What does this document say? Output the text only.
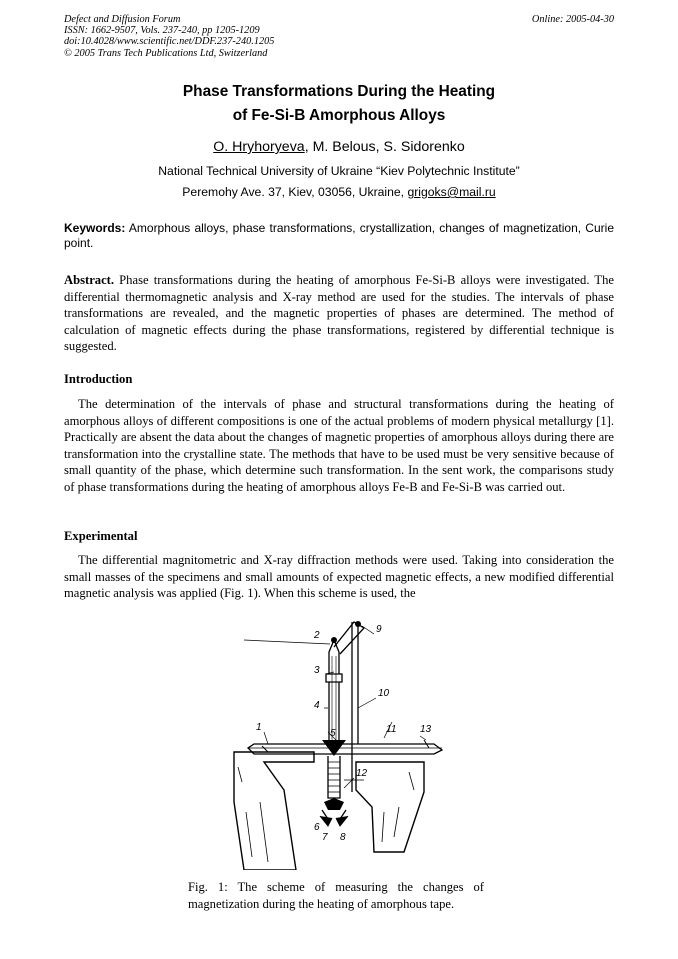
Defect and Diffusion Forum
ISSN: 1662-9507, Vols. 237-240, pp 1205-1209
doi:10.4028/www.scientific.net/DDF.237-240.1205
© 2005 Trans Tech Publications Ltd, Switzerland
Online: 2005-04-30
Phase Transformations During the Heating
of Fe-Si-B Amorphous Alloys
O. Hryhoryeva, M. Belous, S. Sidorenko
National Technical University of Ukraine “Kiev Polytechnic Institute”
Peremohy Ave. 37, Kiev, 03056, Ukraine, grigoks@mail.ru
Keywords: Amorphous alloys, phase transformations, crystallization, changes of magnetization, Curie point.
Abstract. Phase transformations during the heating of amorphous Fe-Si-B alloys were investigated. The differential thermomagnetic analysis and X-ray method are used for the studies. The intervals of phase transformations are revealed, and the magnetic properties of phases are determined. The method of calculation of magnetic effects during the phase transformations, registered by differential technique is suggested.
Introduction

The determination of the intervals of phase and structural transformations during the heating of amorphous alloys of different compositions is one of the actual problems of modern physical metallurgy [1]. Practically are absent the data about the changes of magnetic properties of amorphous alloys during there are transformation into the crystalline state. The methods that have to be used must be very sensitive because of small quantity of the phase, which determine such transformation. In the sent work, the comparisons study of phase transformations during the heating of amorphous alloys Fe-B and Fe-Si-B was carried out.

Experimental

The differential magnitometric and X-ray diffraction methods were used. Taking into consideration the small masses of the specimens and small amounts of expected magnetic effects, a new modified differential magnetic analysis was applied (Fig. 1). When this scheme is used, the

1
2
3
4
5
6
7 8
9
10
11
12
13
Fig. 1: The scheme of measuring the changes of magnetization during the heating of amorphous tape.
